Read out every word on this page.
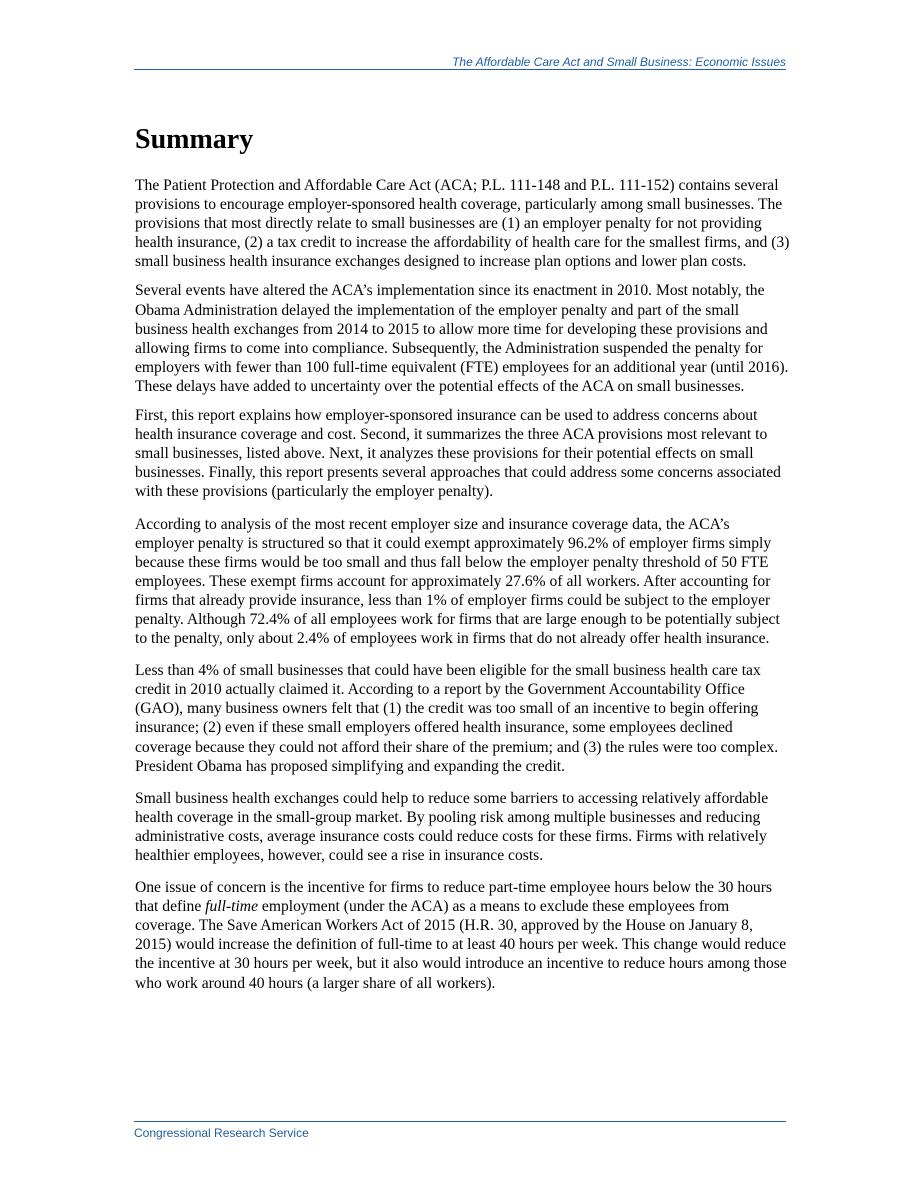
The Affordable Care Act and Small Business: Economic Issues
Summary

The Patient Protection and Affordable Care Act (ACA; P.L. 111-148 and P.L. 111-152) contains several provisions to encourage employer-sponsored health coverage, particularly among small businesses. The provisions that most directly relate to small businesses are (1) an employer penalty for not providing health insurance, (2) a tax credit to increase the affordability of health care for the smallest firms, and (3) small business health insurance exchanges designed to increase plan options and lower plan costs.

Several events have altered the ACA’s implementation since its enactment in 2010. Most notably, the Obama Administration delayed the implementation of the employer penalty and part of the small business health exchanges from 2014 to 2015 to allow more time for developing these provisions and allowing firms to come into compliance. Subsequently, the Administration suspended the penalty for employers with fewer than 100 full-time equivalent (FTE) employees for an additional year (until 2016). These delays have added to uncertainty over the potential effects of the ACA on small businesses.

First, this report explains how employer-sponsored insurance can be used to address concerns about health insurance coverage and cost. Second, it summarizes the three ACA provisions most relevant to small businesses, listed above. Next, it analyzes these provisions for their potential effects on small businesses. Finally, this report presents several approaches that could address some concerns associated with these provisions (particularly the employer penalty).

According to analysis of the most recent employer size and insurance coverage data, the ACA’s employer penalty is structured so that it could exempt approximately 96.2% of employer firms simply because these firms would be too small and thus fall below the employer penalty threshold of 50 FTE employees. These exempt firms account for approximately 27.6% of all workers. After accounting for firms that already provide insurance, less than 1% of employer firms could be subject to the employer penalty. Although 72.4% of all employees work for firms that are large enough to be potentially subject to the penalty, only about 2.4% of employees work in firms that do not already offer health insurance.

Less than 4% of small businesses that could have been eligible for the small business health care tax credit in 2010 actually claimed it. According to a report by the Government Accountability Office (GAO), many business owners felt that (1) the credit was too small of an incentive to begin offering insurance; (2) even if these small employers offered health insurance, some employees declined coverage because they could not afford their share of the premium; and (3) the rules were too complex. President Obama has proposed simplifying and expanding the credit.

Small business health exchanges could help to reduce some barriers to accessing relatively affordable health coverage in the small-group market. By pooling risk among multiple businesses and reducing administrative costs, average insurance costs could reduce costs for these firms. Firms with relatively healthier employees, however, could see a rise in insurance costs.

One issue of concern is the incentive for firms to reduce part-time employee hours below the 30 hours that define full-time employment (under the ACA) as a means to exclude these employees from coverage. The Save American Workers Act of 2015 (H.R. 30, approved by the House on January 8, 2015) would increase the definition of full-time to at least 40 hours per week. This change would reduce the incentive at 30 hours per week, but it also would introduce an incentive to reduce hours among those who work around 40 hours (a larger share of all workers).

Congressional Research Service
